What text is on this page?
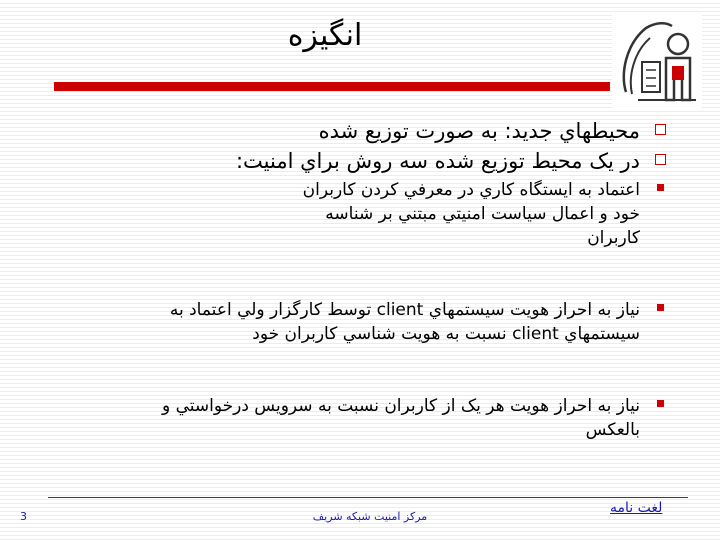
انگيزه
محيطهاي جديد: به صورت توزيع شده
در يک محيط توزيع شده سه روش براي امنيت:
اعتماد به ايستگاه کاري در معرفي کردن کاربران خود و اعمال سياست امنيتي مبتني بر شناسه کاربران
نياز به احراز هويت سيستمهاي client توسط کارگزار ولي اعتماد به سيستمهاي client نسبت به هويت شناسي کاربران خود
نياز به احراز هويت هر يک از کاربران نسبت به سرويس درخواستي و بالعکس
3	مرکز امنيت شبکه شريف
لغت نامه
